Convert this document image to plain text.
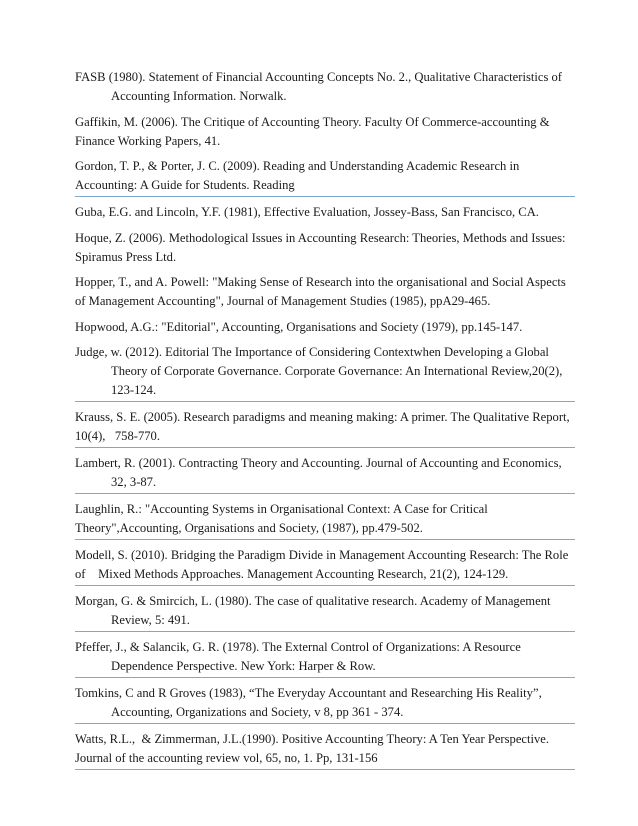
FASB (1980). Statement of Financial Accounting Concepts No. 2., Qualitative Characteristics of Accounting Information. Norwalk.

Gaffikin, M. (2006). The Critique of Accounting Theory. Faculty Of Commerce-accounting & Finance Working Papers, 41.

Gordon, T. P., & Porter, J. C. (2009). Reading and Understanding Academic Research in Accounting: A Guide for Students. Reading

Guba, E.G. and Lincoln, Y.F. (1981), Effective Evaluation, Jossey-Bass, San Francisco, CA.

Hoque, Z. (2006). Methodological Issues in Accounting Research: Theories, Methods and Issues:      Spiramus Press Ltd.

Hopper, T., and A. Powell: "Making Sense of Research into the organisational and Social Aspects of Management Accounting", Journal of Management Studies (1985), ppA29-465.

Hopwood, A.G.: "Editorial", Accounting, Organisations and Society (1979), pp.145-147.

Judge, w. (2012). Editorial The Importance of Considering Contextwhen Developing a Global Theory of Corporate Governance. Corporate Governance: An International Review,20(2), 123-124.

Krauss, S. E. (2005). Research paradigms and meaning making: A primer. The Qualitative Report, 10(4),   758-770.

Lambert, R. (2001). Contracting Theory and Accounting. Journal of Accounting and Economics, 32, 3-87.

Laughlin, R.: "Accounting Systems in Organisational Context: A Case for Critical Theory",Accounting, Organisations and Society, (1987), pp.479-502.

Modell, S. (2010). Bridging the Paradigm Divide in Management Accounting Research: The Role of    Mixed Methods Approaches. Management Accounting Research, 21(2), 124-129.

Morgan, G. & Smircich, L. (1980). The case of qualitative research. Academy of Management Review, 5: 491.

Pfeffer, J., & Salancik, G. R. (1978). The External Control of Organizations: A Resource Dependence Perspective. New York: Harper & Row.

Tomkins, C and R Groves (1983), “The Everyday Accountant and Researching His Reality”, Accounting, Organizations and Society, v 8, pp 361 - 374.

Watts, R.L.,  & Zimmerman, J.L.(1990). Positive Accounting Theory: A Ten Year Perspective. Journal of the accounting review vol, 65, no, 1. Pp, 131-156
